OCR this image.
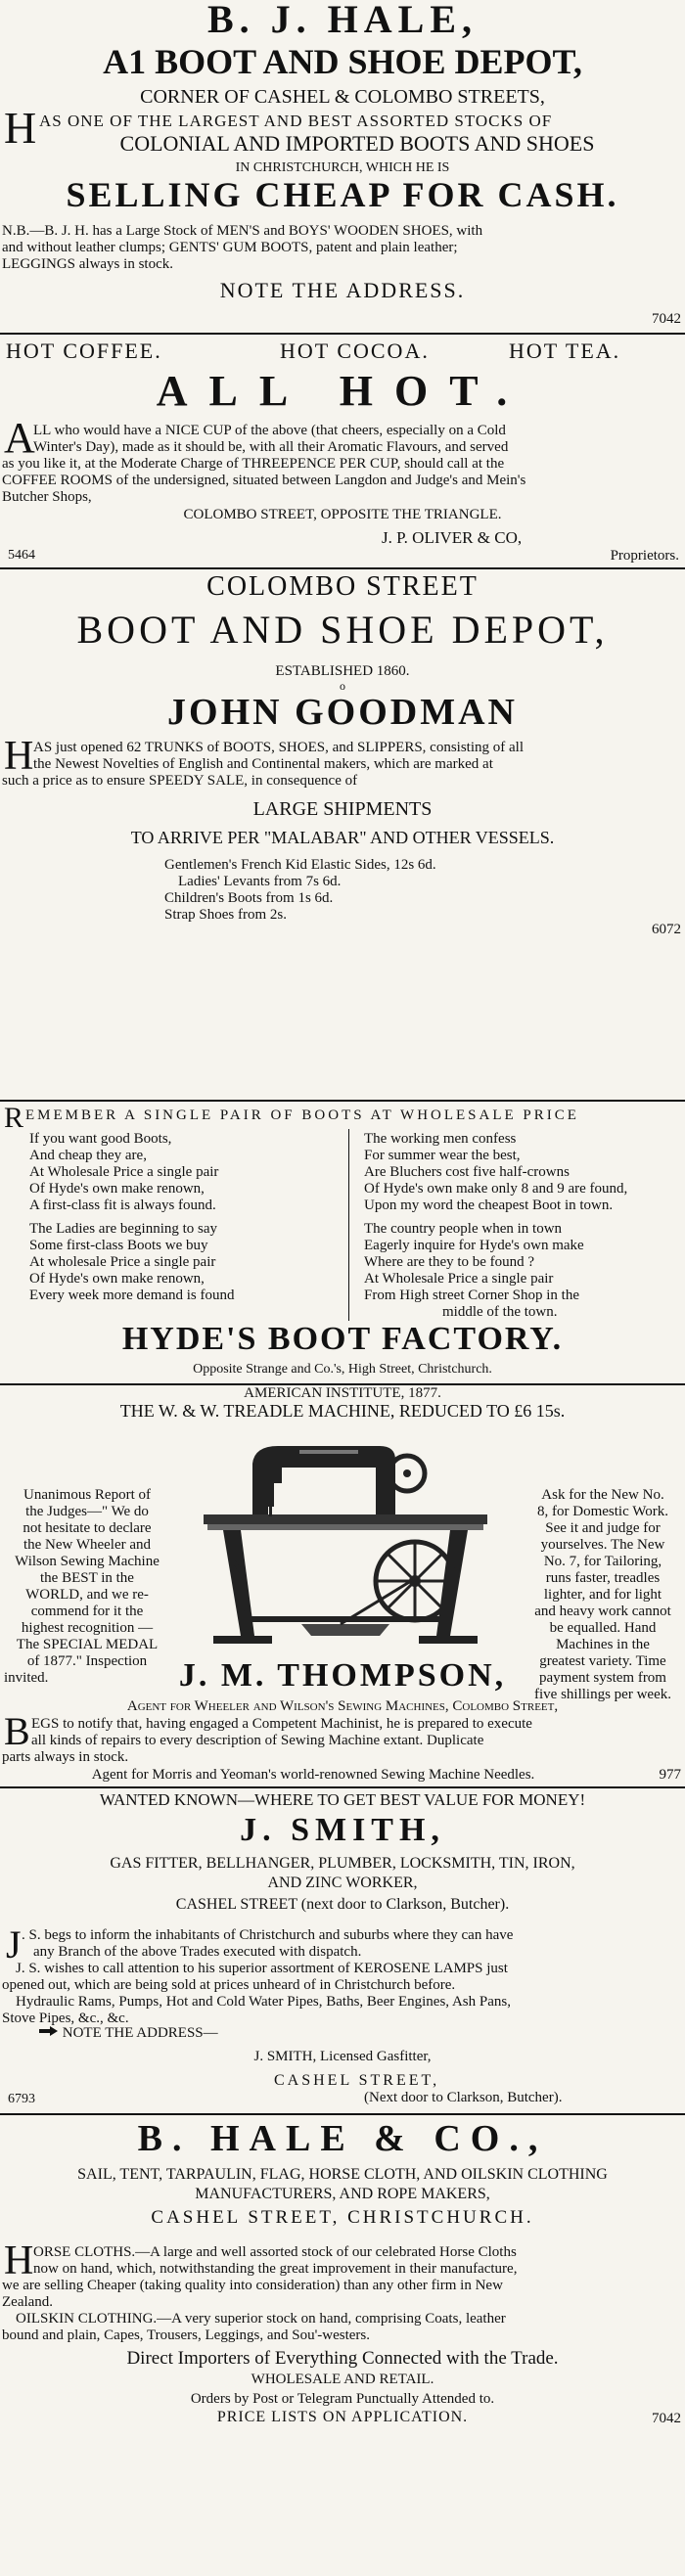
B. J. HALE,
A1 BOOT AND SHOE DEPOT,
CORNER OF CASHEL & COLOMBO STREETS,
H AS ONE OF THE LARGEST AND BEST ASSORTED STOCKS OF
COLONIAL AND IMPORTED BOOTS AND SHOES
IN CHRISTCHURCH, WHICH HE IS
SELLING CHEAP FOR CASH.
N.B.—B. J. H. has a Large Stock of MEN'S and BOYS' WOODEN SHOES, with
and without leather clumps; GENTS' GUM BOOTS, patent and plain leather;
LEGGINGS always in stock.
NOTE THE ADDRESS.
7042
HOT COFFEE.	HOT COCOA.	HOT TEA.
ALL HOT.
A
LL who would have a NICE CUP of the above (that cheers, especially on a Cold
Winter's Day), made as it should be, with all their Aromatic Flavours, and served
as you like it, at the Moderate Charge of THREEPENCE PER CUP, should call at the
COFFEE ROOMS of the undersigned, situated between Langdon and Judge's and Mein's
Butcher Shops,
COLOMBO STREET, OPPOSITE THE TRIANGLE.
J. P. OLIVER & CO,
5464	Proprietors.
COLOMBO STREET
BOOT AND SHOE DEPOT,
ESTABLISHED 1860.
o
JOHN GOODMAN
H AS just opened 62 TRUNKS of BOOTS, SHOES, and SLIPPERS, consisting of all
the Newest Novelties of English and Continental makers, which are marked at
such a price as to ensure SPEEDY SALE, in consequence of
LARGE SHIPMENTS
TO ARRIVE PER "MALABAR" AND OTHER VESSELS.
Gentlemen's French Kid Elastic Sides, 12s 6d.
Ladies' Levants from 7s 6d.
Children's Boots from 1s 6d.
Strap Shoes from 2s.
6072
R EMEMBER A SINGLE PAIR OF BOOTS AT WHOLESALE PRICE
If you want good Boots,
And cheap they are,
At Wholesale Price a single pair
Of Hyde's own make renown,
A first-class fit is always found.
The Ladies are beginning to say
Some first-class Boots we buy
At wholesale Price a single pair
Of Hyde's own make renown,
Every week more demand is found
The working men confess
For summer wear the best,
Are Bluchers cost five half-crowns
Of Hyde's own make only 8 and 9 are found,
Upon my word the cheapest Boot in town.
The country people when in town
Eagerly inquire for Hyde's own make
Where are they to be found ?
At Wholesale Price a single pair
From High street Corner Shop in the
middle of the town.
HYDE'S BOOT FACTORY.
Opposite Strange and Co.'s, High Street, Christchurch.
AMERICAN INSTITUTE, 1877.
THE W. & W. TREADLE MACHINE, REDUCED TO £6 15s.
Unanimous Report of
the Judges—" We do
not hesitate to declare
the New Wheeler and
Wilson Sewing Machine
the BEST in the
WORLD, and we re-
commend for it the
highest recognition —
The SPECIAL MEDAL
of 1877." Inspection
invited.
Ask for the New No.
8, for Domestic Work.
See it and judge for
yourselves. The New
No. 7, for Tailoring,
runs faster, treadles
lighter, and for light
and heavy work cannot
be equalled. Hand
Machines in the
greatest variety. Time
payment system from
five shillings per week.
J. M. THOMPSON,
Agent for Wheeler and Wilson's Sewing Machines, Colombo Street,
B EGS to notify that, having engaged a Competent Machinist, he is prepared to execute
all kinds of repairs to every description of Sewing Machine extant. Duplicate
parts always in stock.
Agent for Morris and Yeoman's world-renowned Sewing Machine Needles.	977
WANTED KNOWN—WHERE TO GET BEST VALUE FOR MONEY!
J. SMITH,
GAS FITTER, BELLHANGER, PLUMBER, LOCKSMITH, TIN, IRON,
AND ZINC WORKER,
CASHEL STREET (next door to Clarkson, Butcher).
J . S. begs to inform the inhabitants of Christchurch and suburbs where they can have
any Branch of the above Trades executed with dispatch.
J. S. wishes to call attention to his superior assortment of KEROSENE LAMPS just
opened out, which are being sold at prices unheard of in Christchurch before.
Hydraulic Rams, Pumps, Hot and Cold Water Pipes, Baths, Beer Engines, Ash Pans,
Stove Pipes, &c., &c.
NOTE THE ADDRESS—
J. SMITH, Licensed Gasfitter,
CASHEL STREET,
6793	(Next door to Clarkson, Butcher).
B. HALE & CO.,
SAIL, TENT, TARPAULIN, FLAG, HORSE CLOTH, AND OILSKIN CLOTHING
MANUFACTURERS, AND ROPE MAKERS,
CASHEL STREET, CHRISTCHURCH.
H ORSE CLOTHS.—A large and well assorted stock of our celebrated Horse Cloths
now on hand, which, notwithstanding the great improvement in their manufacture,
we are selling Cheaper (taking quality into consideration) than any other firm in New
Zealand.
OILSKIN CLOTHING.—A very superior stock on hand, comprising Coats, leather
bound and plain, Capes, Trousers, Leggings, and Sou'-westers.
Direct Importers of Everything Connected with the Trade.
WHOLESALE AND RETAIL.
Orders by Post or Telegram Punctually Attended to.
PRICE LISTS ON APPLICATION.	7042
